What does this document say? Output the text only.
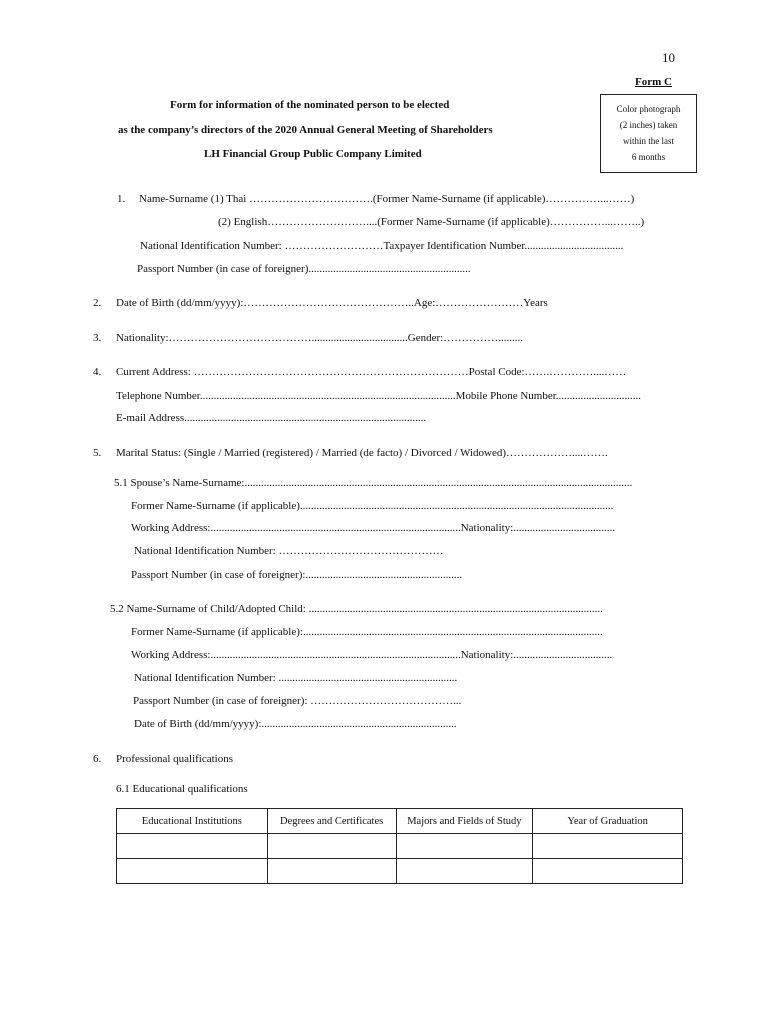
10
Form C
Color photograph
(2 inches) taken
within the last
6 months
Form for information of the nominated person to be elected
as the company’s directors of the 2020 Annual General Meeting of Shareholders
LH Financial Group Public Company Limited
1. Name-Surname (1) Thai …………………………….(Former Name-Surname (if applicable)……………...……)
(2) English………………………....(Former Name-Surname (if applicable)……………...……..)
National Identification Number: ………………………Taxpayer Identification Number....................................
Passport Number (in case of foreigner)...........................................................
2. Date of Birth (dd/mm/yyyy):………………………………………..Age:……………………Years
3. Nationality:…………………………………...................................Gender:…………….........
4. Current Address: …………………………………………………………………Postal Code:…….…………....……
Telephone Number.............................................................................................Mobile Phone Number...............................
E-mail Address........................................................................................
5. Marital Status: (Single / Married (registered) / Married (de facto) / Divorced / Widowed)………………....…….
5.1 Spouse’s Name-Surname:.............................................................................................................................................
Former Name-Surname (if applicable)..................................................................................................................
Working Address:...........................................................................................Nationality:.....................................
National Identification Number: ………………………………………
Passport Number (in case of foreigner):.........................................................
5.2 Name-Surname of Child/Adopted Child: ...........................................................................................................
Former Name-Surname (if applicable):.............................................................................................................
Working Address:...........................................................................................Nationality:....................................
National Identification Number: .................................................................
Passport Number (in case of foreigner): …………………………………...
Date of Birth (dd/mm/yyyy):.......................................................................
6. Professional qualifications
6.1 Educational qualifications
Educational Institutions	Degrees and Certificates	Majors and Fields of Study	Year of Graduation
